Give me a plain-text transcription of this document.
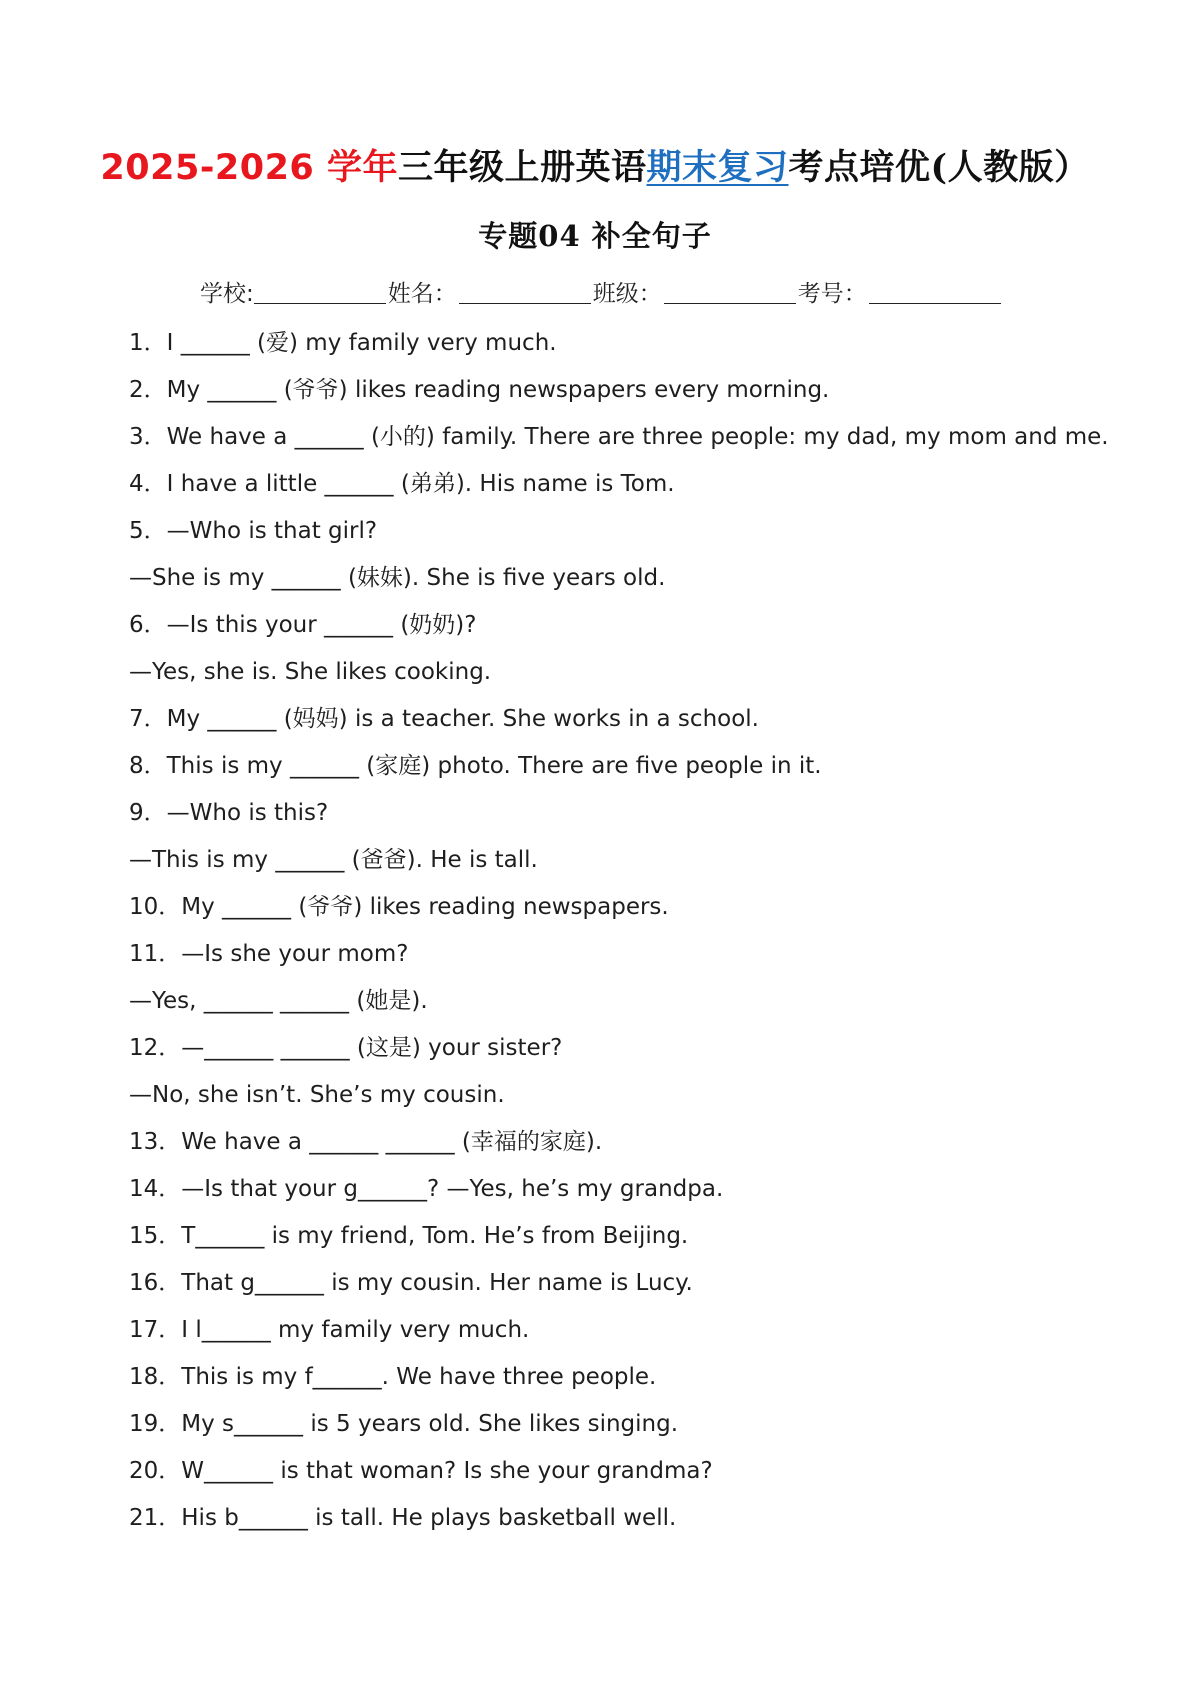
2025-2026 学年三年级上册英语期末复习考点培优(人教版）
专题04 补全句子
学校:	姓名：	班级：	考号：
1．I ______ (爱) my family very much.
2．My ______ (爷爷) likes reading newspapers every morning.
3．We have a ______ (小的) family. There are three people: my dad, my mom and me.
4．I have a little ______ (弟弟). His name is Tom.
5．—Who is that girl?
—She is my ______ (妹妹). She is five years old.
6．—Is this your ______ (奶奶)?
—Yes, she is. She likes cooking.
7．My ______ (妈妈) is a teacher. She works in a school.
8．This is my ______ (家庭) photo. There are five people in it.
9．—Who is this?
—This is my ______ (爸爸). He is tall.
10．My ______ (爷爷) likes reading newspapers.
11．—Is she your mom?
—Yes, ______ ______ (她是).
12．—______ ______ (这是) your sister?
—No, she isn’t. She’s my cousin.
13．We have a ______ ______ (幸福的家庭).
14．—Is that your g______? —Yes, he’s my grandpa.
15．T______ is my friend, Tom. He’s from Beijing.
16．That g______ is my cousin. Her name is Lucy.
17．I l______ my family very much.
18．This is my f______. We have three people.
19．My s______ is 5 years old. She likes singing.
20．W______ is that woman? Is she your grandma?
21．His b______ is tall. He plays basketball well.
